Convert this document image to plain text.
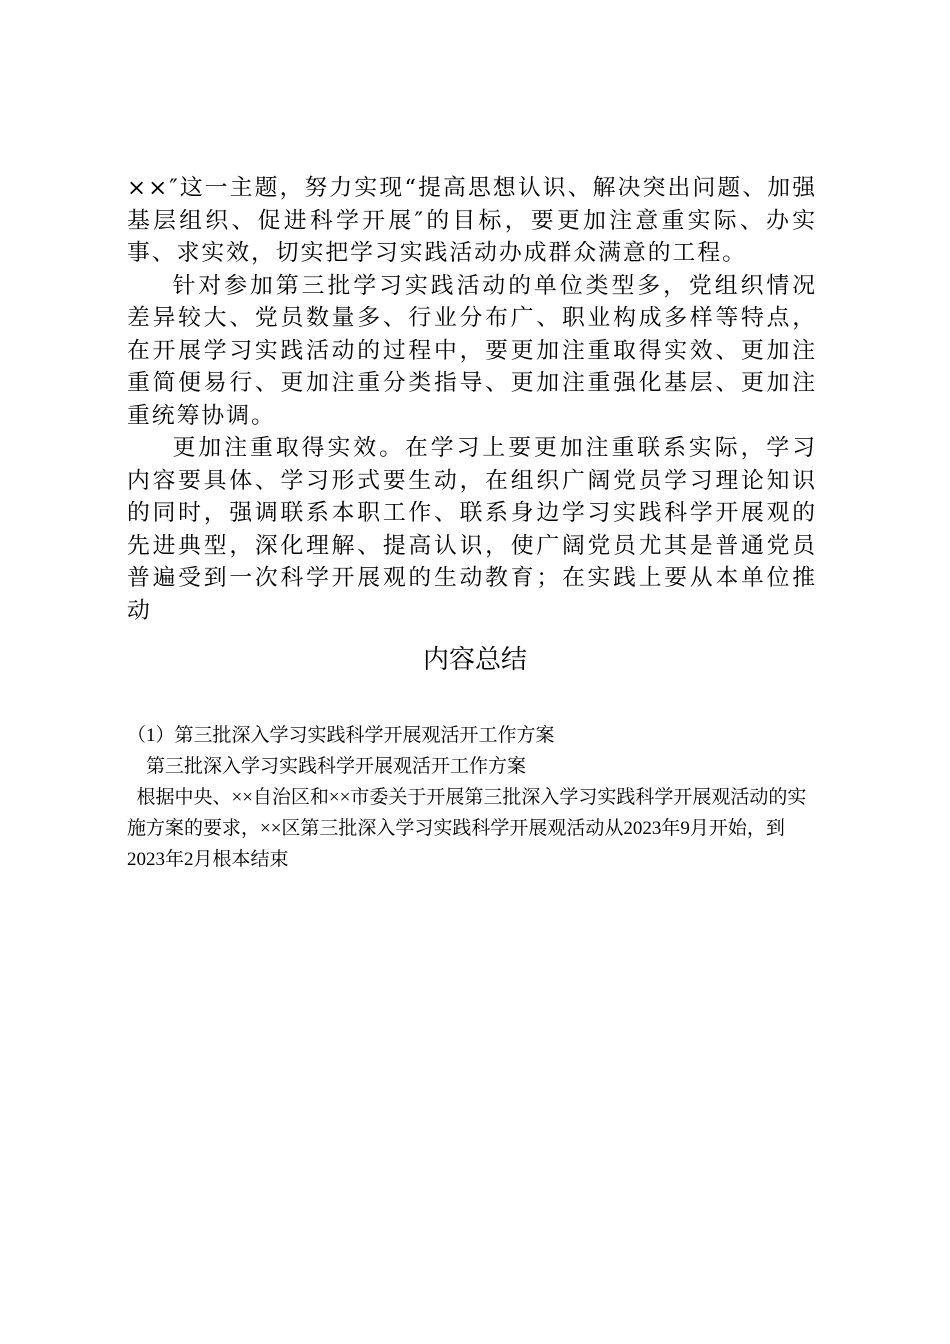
××″这一主题，努力实现“提高思想认识、解决突出问题、加强基层组织、促进科学开展″的目标，要更加注意重实际、办实事、求实效，切实把学习实践活动办成群众满意的工程。

针对参加第三批学习实践活动的单位类型多，党组织情况差异较大、党员数量多、行业分布广、职业构成多样等特点，在开展学习实践活动的过程中，要更加注重取得实效、更加注重简便易行、更加注重分类指导、更加注重强化基层、更加注重统筹协调。

更加注重取得实效。在学习上要更加注重联系实际，学习内容要具体、学习形式要生动，在组织广阔党员学习理论知识的同时，强调联系本职工作、联系身边学习实践科学开展观的先进典型，深化理解、提高认识，使广阔党员尤其是普通党员普遍受到一次科学开展观的生动教育；在实践上要从本单位推动

内容总结

（1）第三批深入学习实践科学开展观活开工作方案

第三批深入学习实践科学开展观活开工作方案

根据中央、××自治区和××市委关于开展第三批深入学习实践科学开展观活动的实施方案的要求，××区第三批深入学习实践科学开展观活动从2023年9月开始，到2023年2月根本结束
